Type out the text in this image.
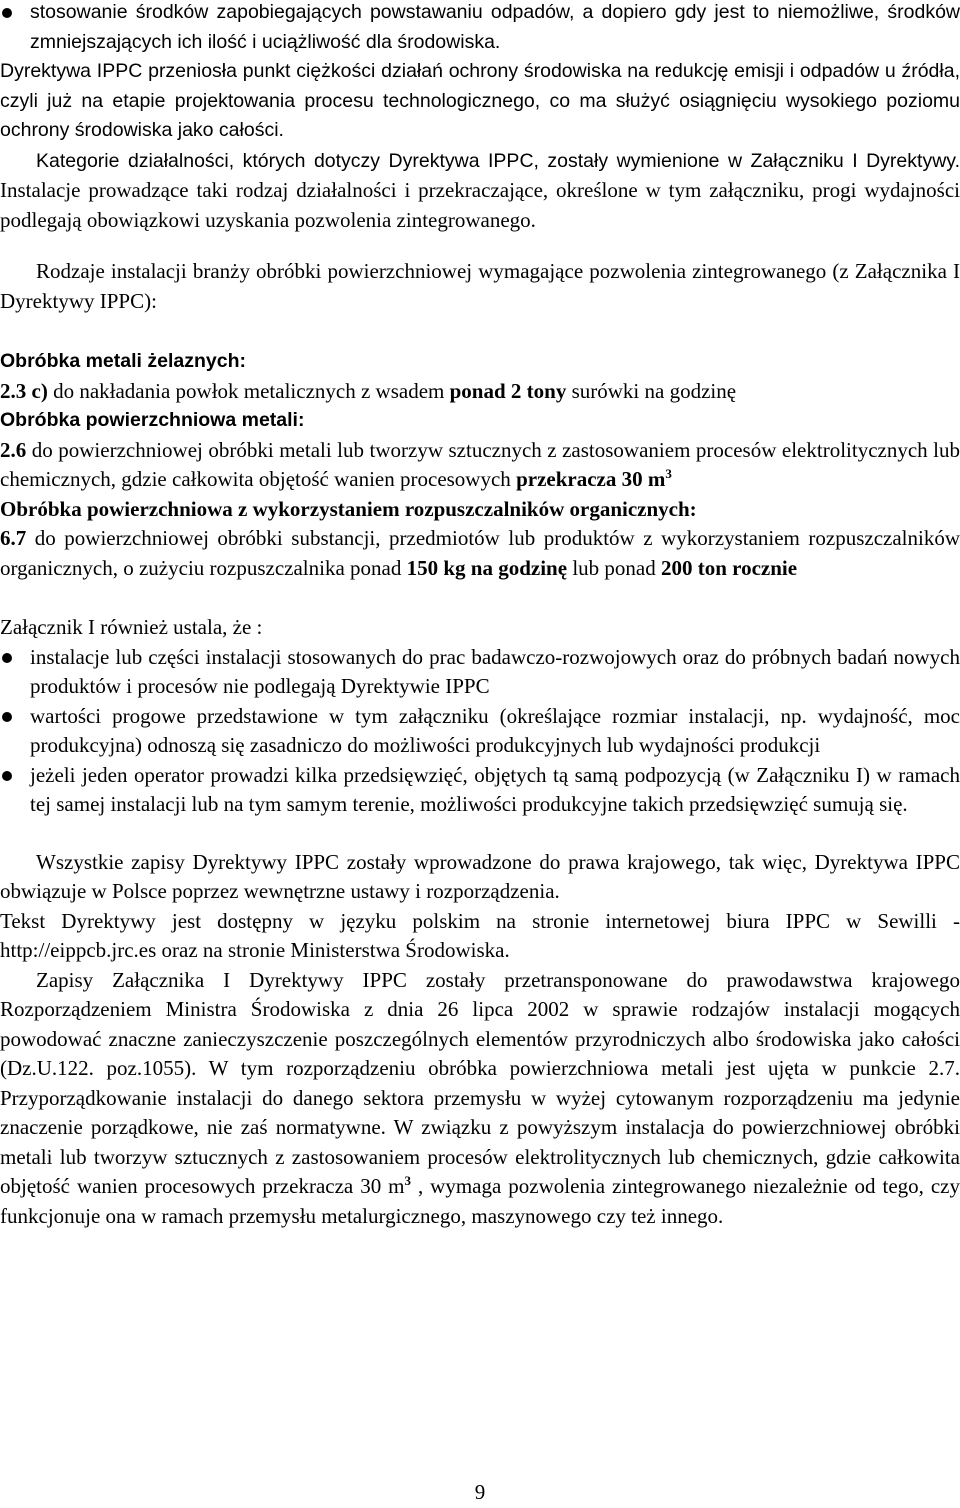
stosowanie środków zapobiegających powstawaniu odpadów, a dopiero gdy jest to niemożliwe, środków zmniejszających ich ilość i uciążliwość dla środowiska.

Dyrektywa IPPC przeniosła punkt ciężkości działań ochrony środowiska na redukcję emisji i odpadów u źródła, czyli już na etapie projektowania procesu technologicznego, co ma służyć osiągnięciu wysokiego poziomu ochrony środowiska jako całości.

Kategorie działalności, których dotyczy Dyrektywa IPPC, zostały wymienione w Załączniku I Dyrektywy. Instalacje prowadzące taki rodzaj działalności i przekraczające, określone w tym załączniku, progi wydajności podlegają obowiązkowi uzyskania pozwolenia zintegrowanego.

Rodzaje instalacji branży obróbki powierzchniowej wymagające pozwolenia zintegrowanego (z Załącznika I Dyrektywy IPPC):

Obróbka metali żelaznych:

2.3 c) do nakładania powłok metalicznych z wsadem ponad 2 tony surówki na godzinę

Obróbka powierzchniowa metali:

2.6 do powierzchniowej obróbki metali lub tworzyw sztucznych z zastosowaniem procesów elektrolitycznych lub chemicznych, gdzie całkowita objętość wanien procesowych przekracza 30 $m^3$

Obróbka powierzchniowa z wykorzystaniem rozpuszczalników organicznych:

6.7 do powierzchniowej obróbki substancji, przedmiotów lub produktów z wykorzystaniem rozpuszczalników organicznych, o zużyciu rozpuszczalnika ponad 150 kg na godzinę lub ponad 200 ton rocznie

Załącznik I również ustala, że :

instalacje lub części instalacji stosowanych do prac badawczo-rozwojowych oraz do próbnych badań nowych produktów i procesów nie podlegają Dyrektywie IPPC
wartości progowe przedstawione w tym załączniku (określające rozmiar instalacji, np. wydajność, moc produkcyjna) odnoszą się zasadniczo do możliwości produkcyjnych lub wydajności produkcji
jeżeli jeden operator prowadzi kilka przedsięwzięć, objętych tą samą podpozycją (w Załączniku I) w ramach tej samej instalacji lub na tym samym terenie, możliwości produkcyjne takich przedsięwzięć sumują się.

Wszystkie zapisy Dyrektywy IPPC zostały wprowadzone do prawa krajowego, tak więc, Dyrektywa IPPC obwiązuje w Polsce poprzez wewnętrzne ustawy i rozporządzenia.

Tekst Dyrektywy jest dostępny w języku polskim na stronie internetowej biura IPPC w Sewilli - http://eippcb.jrc.es oraz na stronie Ministerstwa Środowiska.

Zapisy Załącznika I Dyrektywy IPPC zostały przetransponowane do prawodawstwa krajowego Rozporządzeniem Ministra Środowiska z dnia 26 lipca 2002 w sprawie rodzajów instalacji mogących powodować znaczne zanieczyszczenie poszczególnych elementów przyrodniczych albo środowiska jako całości (Dz.U.122. poz.1055). W tym rozporządzeniu obróbka powierzchniowa metali jest ujęta w punkcie 2.7. Przyporządkowanie instalacji do danego sektora przemysłu w wyżej cytowanym rozporządzeniu ma jedynie znaczenie porządkowe, nie zaś normatywne. W związku z powyższym instalacja do powierzchniowej obróbki metali lub tworzyw sztucznych z zastosowaniem procesów elektrolitycznych lub chemicznych, gdzie całkowita objętość wanien procesowych przekracza 30 $m^3$ , wymaga pozwolenia zintegrowanego niezależnie od tego, czy funkcjonuje ona w ramach przemysłu metalurgicznego, maszynowego czy też innego.

9
